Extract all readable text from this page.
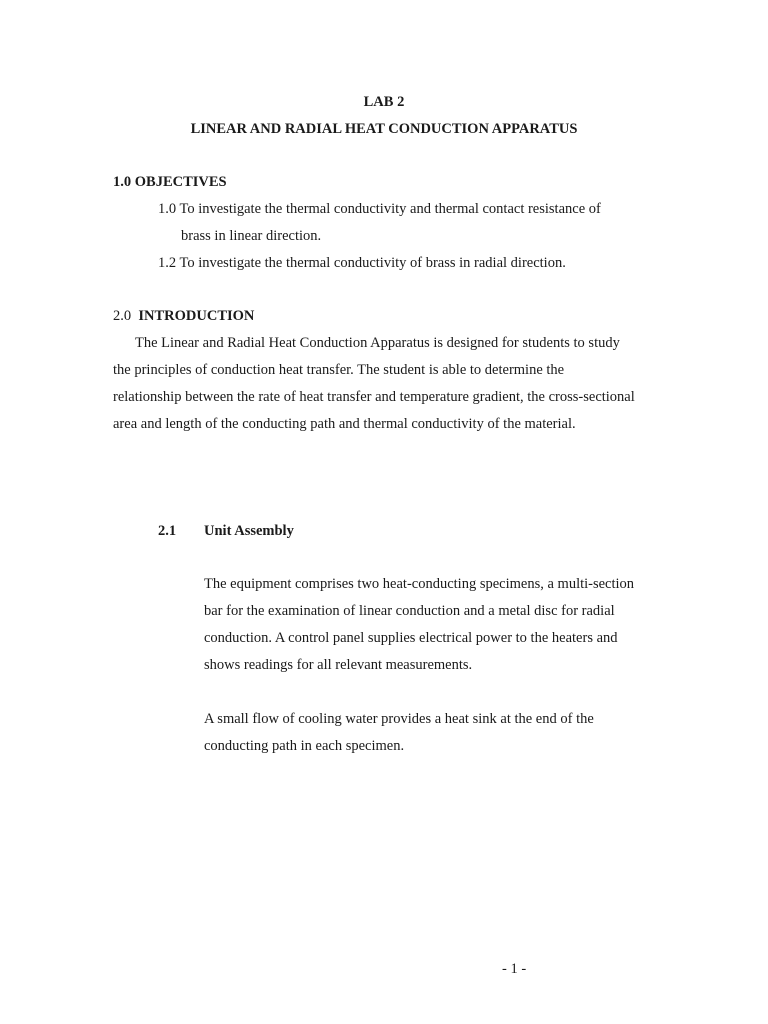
LAB 2
LINEAR AND RADIAL HEAT CONDUCTION APPARATUS
1.0 OBJECTIVES
1.0 To investigate the thermal conductivity and thermal contact resistance of
brass in linear direction.
1.2 To investigate the thermal conductivity of brass in radial direction.
2.0 INTRODUCTION
The Linear and Radial Heat Conduction Apparatus is designed for students to study
the principles of conduction heat transfer. The student is able to determine the
relationship between the rate of heat transfer and temperature gradient, the cross-sectional
area and length of the conducting path and thermal conductivity of the material.
2.1 Unit Assembly
The equipment comprises two heat-conducting specimens, a multi-section
bar for the examination of linear conduction and a metal disc for radial
conduction. A control panel supplies electrical power to the heaters and
shows readings for all relevant measurements.
A small flow of cooling water provides a heat sink at the end of the
conducting path in each specimen.
- 1 -
